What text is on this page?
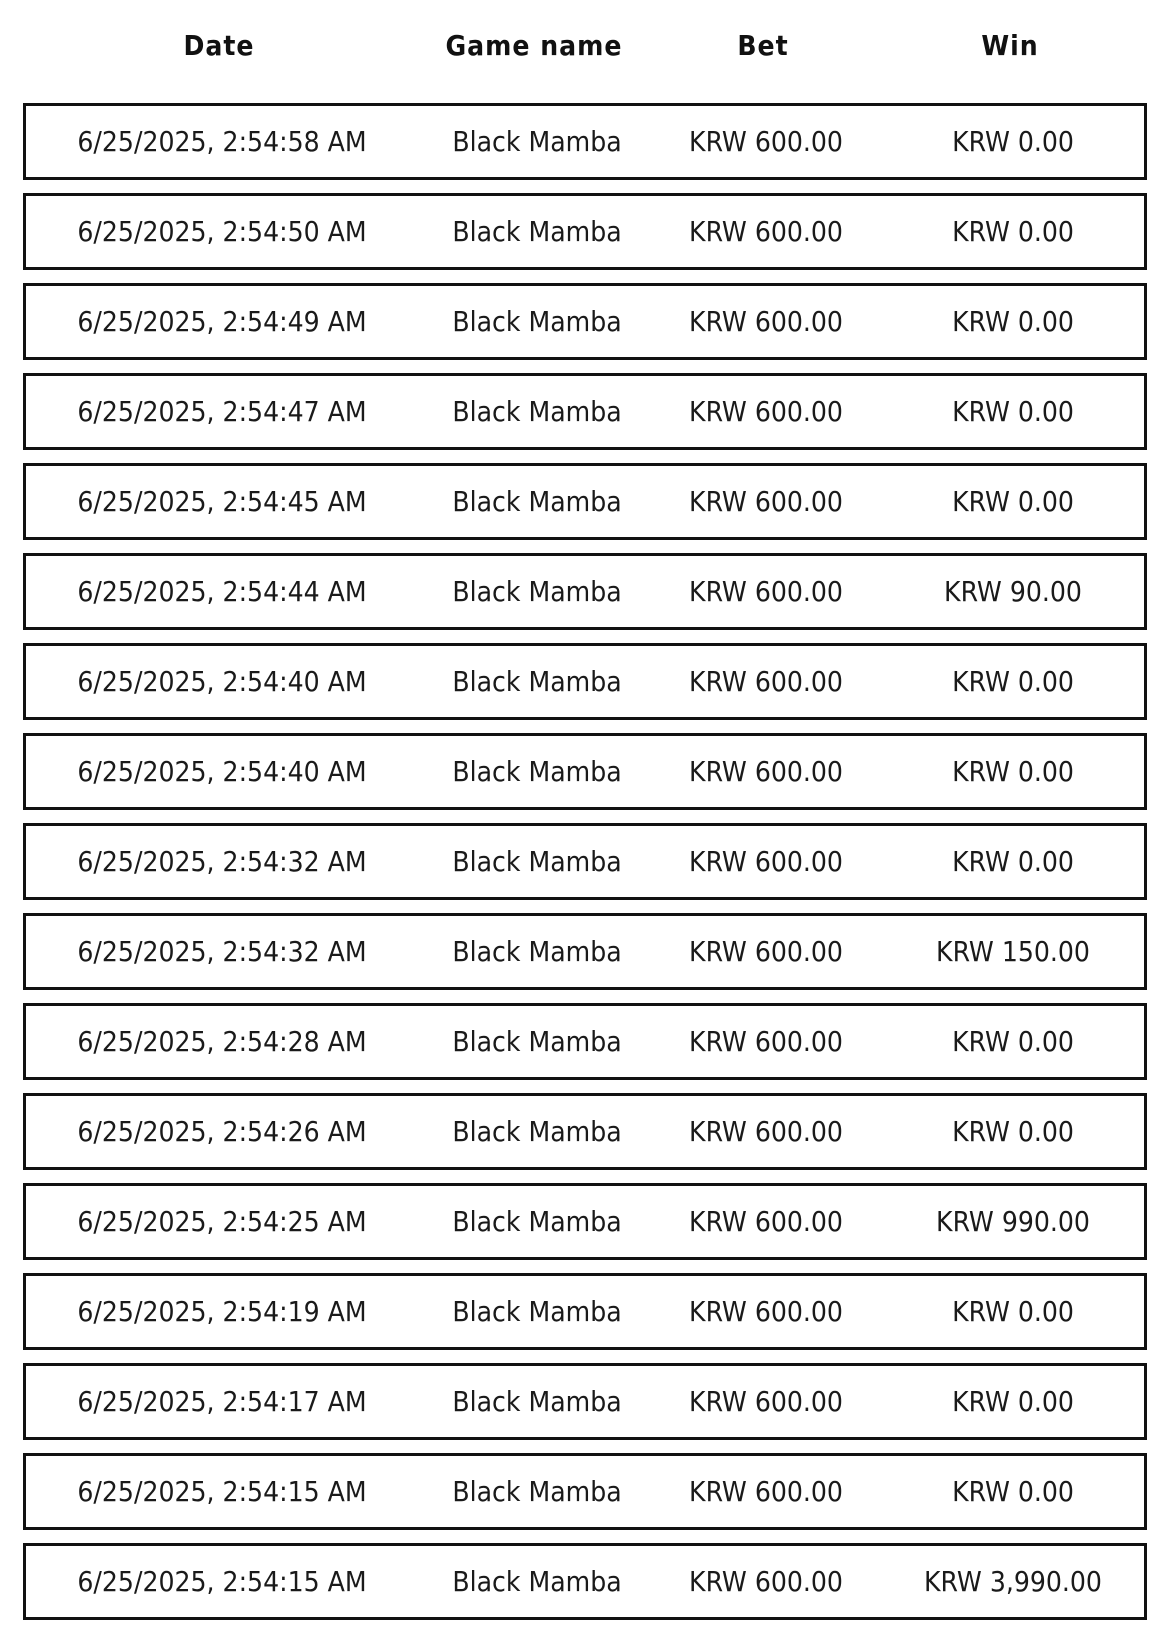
Date	Game name	Bet	Win
6/25/2025, 2:54:58 AM	Black Mamba KRW 600.00	KRW 0.00
6/25/2025, 2:54:50 AM	Black Mamba KRW 600.00	KRW 0.00
6/25/2025, 2:54:49 AM	Black Mamba KRW 600.00	KRW 0.00
6/25/2025, 2:54:47 AM	Black Mamba KRW 600.00	KRW 0.00
6/25/2025, 2:54:45 AM	Black Mamba KRW 600.00	KRW 0.00
6/25/2025, 2:54:44 AM	Black Mamba KRW 600.00	KRW 90.00
6/25/2025, 2:54:40 AM	Black Mamba KRW 600.00	KRW 0.00
6/25/2025, 2:54:40 AM	Black Mamba KRW 600.00	KRW 0.00
6/25/2025, 2:54:32 AM	Black Mamba KRW 600.00	KRW 0.00
6/25/2025, 2:54:32 AM	Black Mamba KRW 600.00	KRW 150.00
6/25/2025, 2:54:28 AM	Black Mamba KRW 600.00	KRW 0.00
6/25/2025, 2:54:26 AM	Black Mamba KRW 600.00	KRW 0.00
6/25/2025, 2:54:25 AM	Black Mamba KRW 600.00	KRW 990.00
6/25/2025, 2:54:19 AM	Black Mamba KRW 600.00	KRW 0.00
6/25/2025, 2:54:17 AM	Black Mamba KRW 600.00	KRW 0.00
6/25/2025, 2:54:15 AM	Black Mamba KRW 600.00	KRW 0.00
6/25/2025, 2:54:15 AM	Black Mamba KRW 600.00	KRW 3,990.00
